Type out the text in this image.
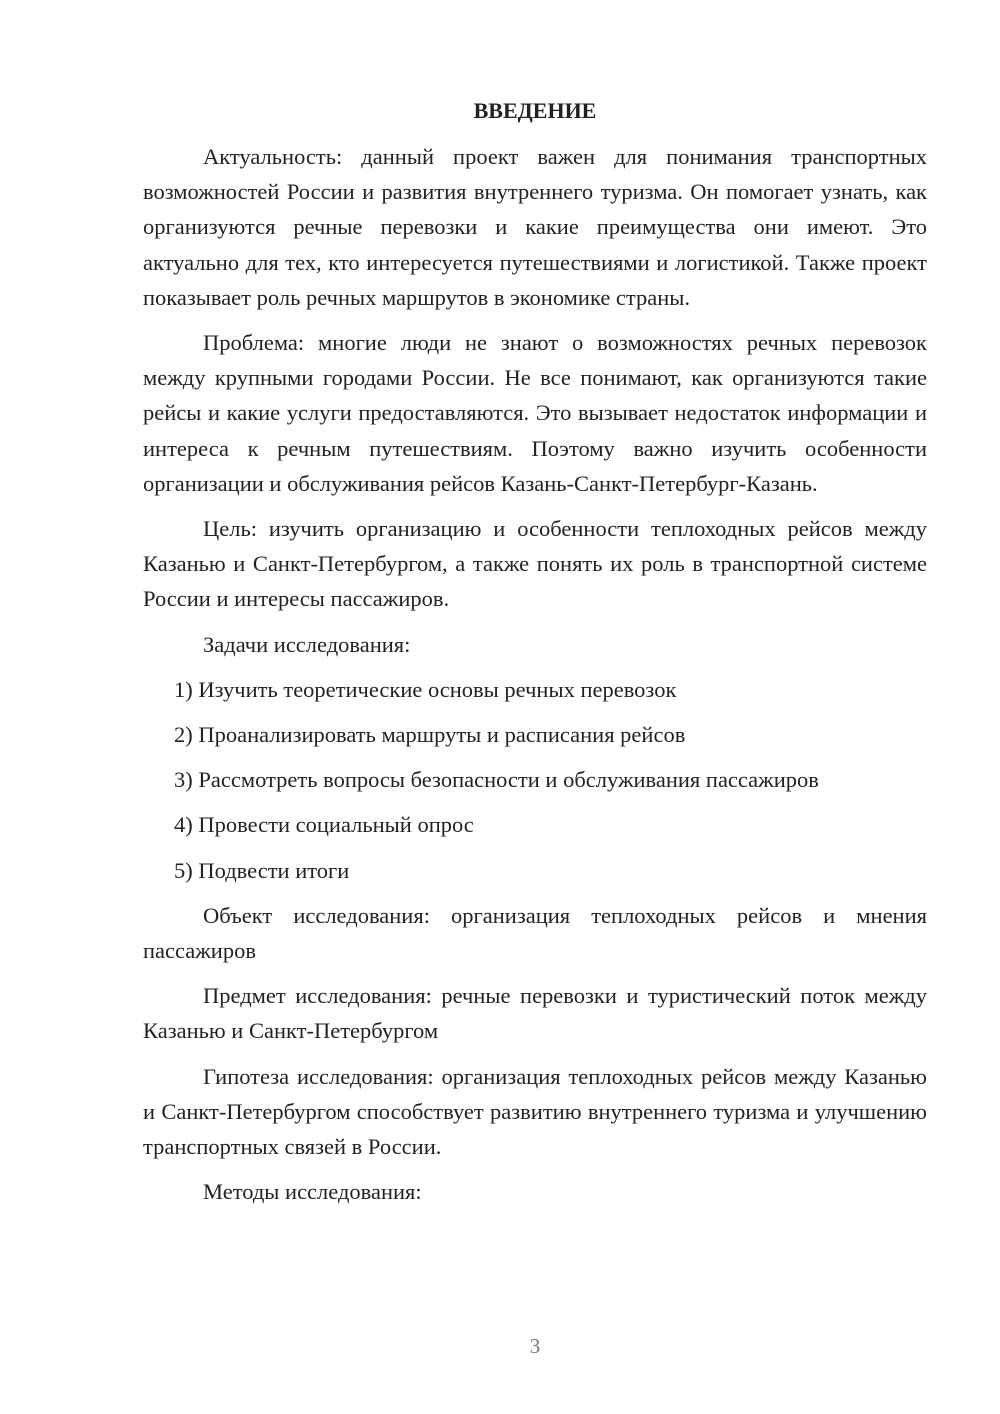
ВВЕДЕНИЕ

Актуальность: данный проект важен для понимания транспортных возможностей России и развития внутреннего туризма. Он помогает узнать, как организуются речные перевозки и какие преимущества они имеют. Это актуально для тех, кто интересуется путешествиями и логистикой. Также проект показывает роль речных маршрутов в экономике страны.

Проблема: многие люди не знают о возможностях речных перевозок между крупными городами России. Не все понимают, как организуются такие рейсы и какие услуги предоставляются. Это вызывает недостаток информации и интереса к речным путешествиям. Поэтому важно изучить особенности организации и обслуживания рейсов Казань-Санкт-Петербург-Казань.

Цель: изучить организацию и особенности теплоходных рейсов между Казанью и Санкт-Петербургом, а также понять их роль в транспортной системе России и интересы пассажиров.

Задачи исследования:

1) Изучить теоретические основы речных перевозок
2) Проанализировать маршруты и расписания рейсов
3) Рассмотреть вопросы безопасности и обслуживания пассажиров
4) Провести социальный опрос
5) Подвести итоги

Объект исследования: организация теплоходных рейсов и мнения пассажиров

Предмет исследования: речные перевозки и туристический поток между Казанью и Санкт-Петербургом

Гипотеза исследования: организация теплоходных рейсов между Казанью и Санкт-Петербургом способствует развитию внутреннего туризма и улучшению транспортных связей в России.

Методы исследования:

3
